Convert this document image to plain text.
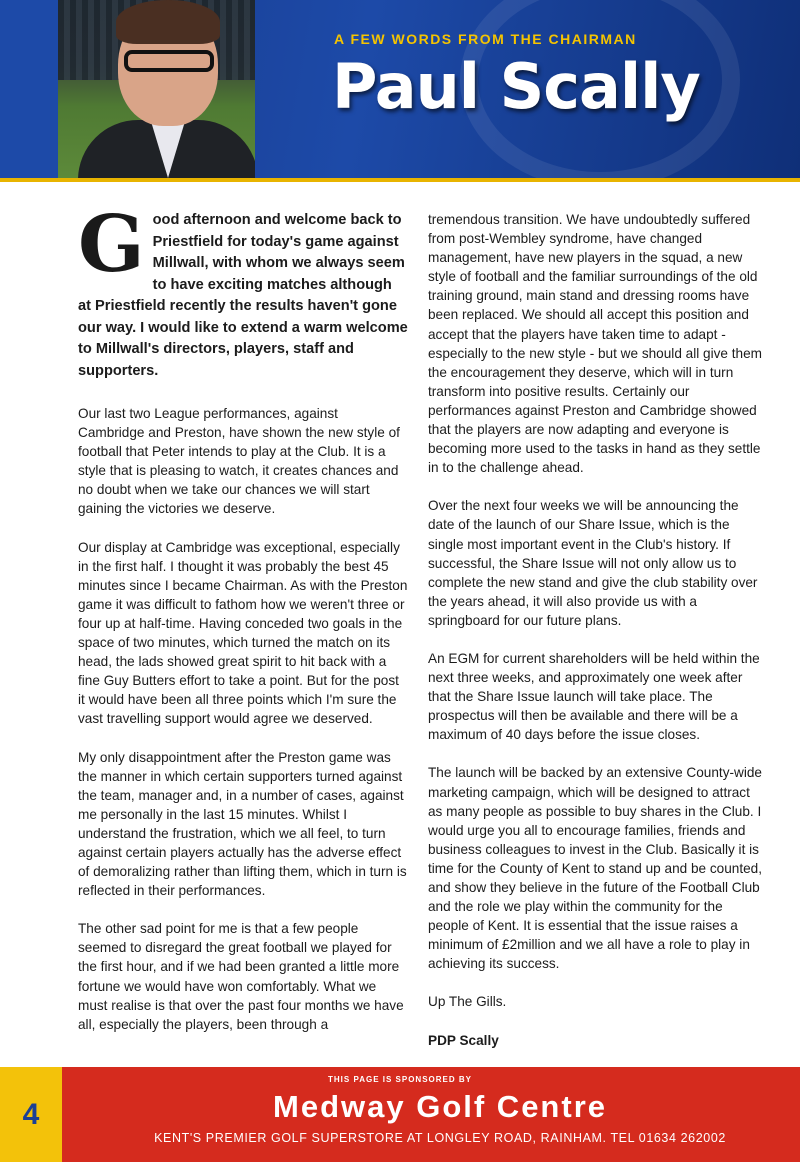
A FEW WORDS FROM THE CHAIRMAN
Paul Scally

Good afternoon and welcome back to Priestfield for today's game against Millwall, with whom we always seem to have exciting matches although at Priestfield recently the results haven't gone our way. I would like to extend a warm welcome to Millwall's directors, players, staff and supporters.

Our last two League performances, against Cambridge and Preston, have shown the new style of football that Peter intends to play at the Club. It is a style that is pleasing to watch, it creates chances and no doubt when we take our chances we will start gaining the victories we deserve.

Our display at Cambridge was exceptional, especially in the first half. I thought it was probably the best 45 minutes since I became Chairman. As with the Preston game it was difficult to fathom how we weren't three or four up at half-time. Having conceded two goals in the space of two minutes, which turned the match on its head, the lads showed great spirit to hit back with a fine Guy Butters effort to take a point. But for the post it would have been all three points which I'm sure the vast travelling support would agree we deserved.

My only disappointment after the Preston game was the manner in which certain supporters turned against the team, manager and, in a number of cases, against me personally in the last 15 minutes. Whilst I understand the frustration, which we all feel, to turn against certain players actually has the adverse effect of demoralizing rather than lifting them, which in turn is reflected in their performances.

The other sad point for me is that a few people seemed to disregard the great football we played for the first hour, and if we had been granted a little more fortune we would have won comfortably. What we must realise is that over the past four months we have all, especially the players, been through a

tremendous transition. We have undoubtedly suffered from post-Wembley syndrome, have changed management, have new players in the squad, a new style of football and the familiar surroundings of the old training ground, main stand and dressing rooms have been replaced. We should all accept this position and accept that the players have taken time to adapt - especially to the new style - but we should all give them the encouragement they deserve, which will in turn transform into positive results. Certainly our performances against Preston and Cambridge showed that the players are now adapting and everyone is becoming more used to the tasks in hand as they settle in to the challenge ahead.

Over the next four weeks we will be announcing the date of the launch of our Share Issue, which is the single most important event in the Club's history. If successful, the Share Issue will not only allow us to complete the new stand and give the club stability over the years ahead, it will also provide us with a springboard for our future plans.

An EGM for current shareholders will be held within the next three weeks, and approximately one week after that the Share Issue launch will take place. The prospectus will then be available and there will be a maximum of 40 days before the issue closes.

The launch will be backed by an extensive County-wide marketing campaign, which will be designed to attract as many people as possible to buy shares in the Club. I would urge you all to encourage families, friends and business colleagues to invest in the Club. Basically it is time for the County of Kent to stand up and be counted, and show they believe in the future of the Football Club and the role we play within the community for the people of Kent. It is essential that the issue raises a minimum of £2million and we all have a role to play in achieving its success.

Up The Gills.

PDP Scally

4
THIS PAGE IS SPONSORED BY
Medway Golf Centre
KENT'S PREMIER GOLF SUPERSTORE AT LONGLEY ROAD, RAINHAM. TEL 01634 262002
